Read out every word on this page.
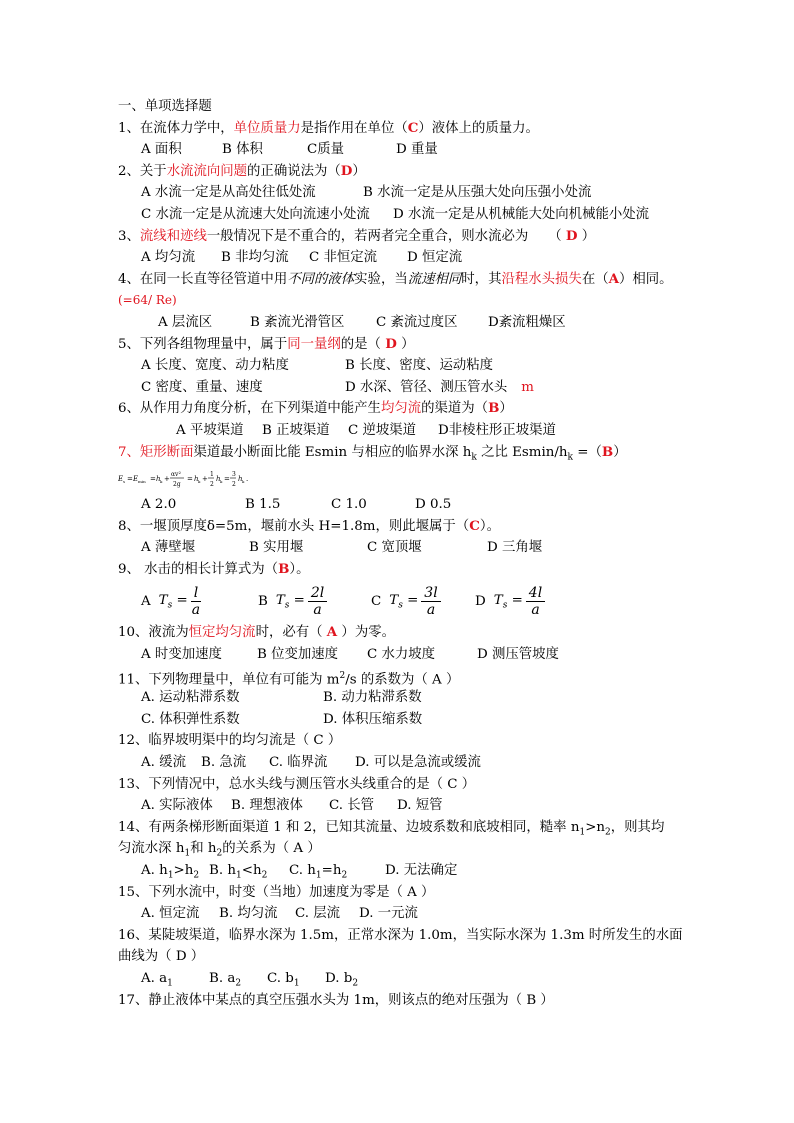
一、单项选择题
1、在流体力学中，单位质量力是指作用在单位（C）液体上的质量力。
A 面积	B 体积	C质量	D 重量
2、关于水流流向问题的正确说法为（D）
A 水流一定是从高处往低处流	B 水流一定是从压强大处向压强小处流
C 水流一定是从流速大处向流速小处流 D 水流一定是从机械能大处向机械能小处流
3、流线和迹线一般情况下是不重合的，若两者完全重合，则水流必为 （ D ）
A 均匀流 B 非均匀流 C 非恒定流 D 恒定流
4、在同一长直等径管道中用不同的液体实验，当流速相同时，其沿程水头损失在（A）相同。
(=64/ Re)
A 层流区	B 紊流光滑管区 C 紊流过度区 D紊流粗燥区
5、下列各组物理量中，属于同一量纲的是（ D ）
A 长度、宽度、动力粘度	B 长度、密度、运动粘度
C 密度、重量、速度	D 水深、管径、测压管水头 m
6、从作用力角度分析，在下列渠道中能产生均匀流的渠道为（B）
A 平坡渠道 B 正坡渠道 C 逆坡渠道 D非棱柱形正坡渠道
7、矩形断面渠道最小断面比能 Esmin 与相应的临界水深 $h_k$ 之比 Esmin/$h_k =(B)$
E s = E min = h k +
αv²
2g
= h k +
1
2
h k =
3
2
h k .
A 2.0	B 1.5	C 1.0	D 0.5
8、一堰顶厚度δ=5m，堰前水头 H=1.8m，则此堰属于（C）。
A 薄壁堰	B 实用堰	C 宽顶堰	D 三角堰
9、 水击的相长计算式为（B）。
A $T_s = \frac{l}{a}$	B $T_s = \frac{2l}{a}$	C $T_s = \frac{3l}{a}$	D $T_s = \frac{4l}{a}$
10、液流为恒定均匀流时，必有（ A ）为零。
A 时变加速度	B 位变加速度 C 水力坡度	D 测压管坡度
11、下列物理量中，单位有可能为 $m^2/s$ 的系数为（ A ）
A. 运动粘滞系数	B. 动力粘滞系数
C. 体积弹性系数	D. 体积压缩系数
12、临界坡明渠中的均匀流是（ C ）
A. 缓流 B. 急流 C. 临界流 D. 可以是急流或缓流
13、下列情况中，总水头线与测压管水头线重合的是（ C ）
A. 实际液体 B. 理想液体 C. 长管 D. 短管
14、有两条梯形断面渠道 1 和 2，已知其流量、边坡系数和底坡相同，糙率 $n_1>n_2$，则其均
匀流水深 $h_1$和 $h_2$的关系为（ A ）
A. $h_1>h_2$ B. $h_1<h_2$ C. $h_1=h_2$	D. 无法确定
15、下列水流中，时变（当地）加速度为零是（ A ）
A. 恒定流 B. 均匀流 C. 层流 D. 一元流
16、某陡坡渠道，临界水深为 1.5m，正常水深为 1.0m，当实际水深为 1.3m 时所发生的水面
曲线为（ D ）
A. $a_1$	B. $a_2$ C. $b_1$ D. $b_2$
17、静止液体中某点的真空压强水头为 1m，则该点的绝对压强为（ B ）
